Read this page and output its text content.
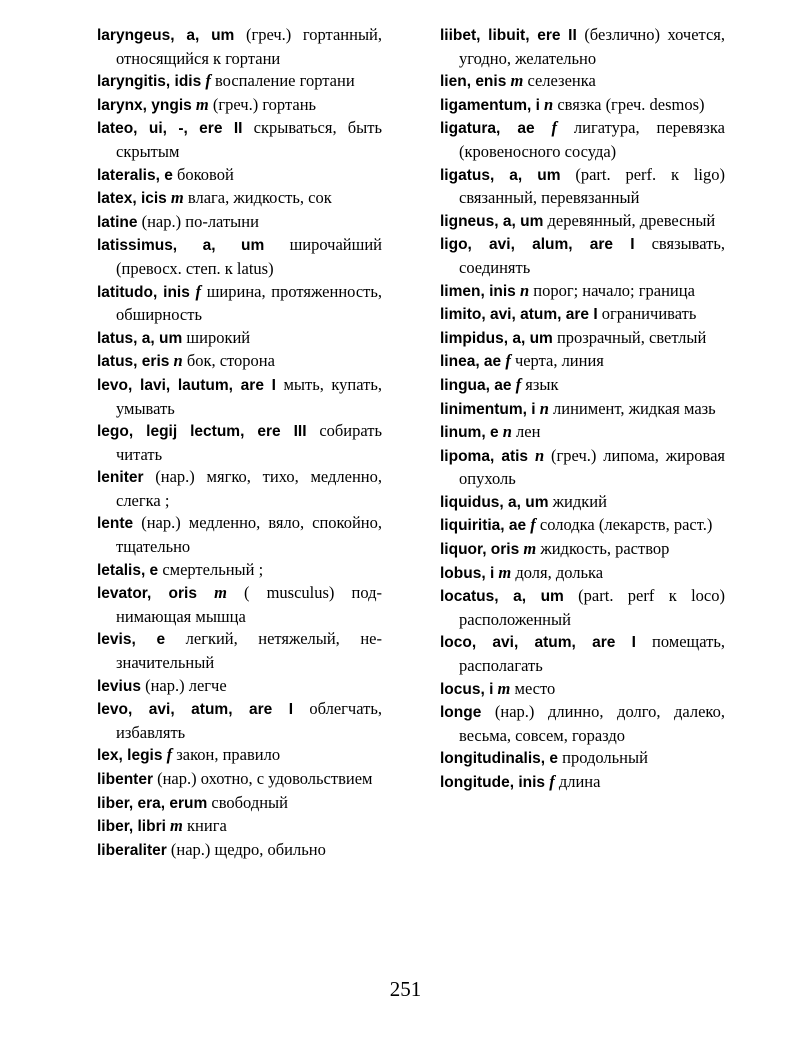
laryngeus, a, um (греч.) гортанный, относящийся к гортани
laryngitis, idis f воспаление гортани
larynx, yngis m (греч.) гортань
lateo, ui, -, ere II скрываться, быть скрытым
lateralis, e боковой
latex, icis m влага, жидкость, сок
latine (нар.) по-латыни
latissimus, a, um широчайший (превосх. степ. к latus)
latitudo, inis f ширина, протяженность, обширность
latus, a, um широкий
latus, eris n бок, сторона
levo, lavi, lautum, are I мыть, купать, умывать
lego, legij lectum, ere III собирать читать
leniter (нар.) мягко, тихо, медленно, слегка ;
lente (нар.) медленно, вяло, спокойно, тщательно
letalis, e смертельный ;
levator, oris m ( musculus) поднимающая мышца
levis, e легкий, нетяжелый, незначительный
levius (нар.) легче
levo, avi, atum, are I облегчать, избавлять
lex, legis f закон, правило
libenter (нар.) охотно, с удовольствием
liber, era, erum свободный
liber, libri m книга
liberaliter (нар.) щедро, обильно
liibet, libuit, ere II (безлично) хочется, угодно, желательно
lien, enis m селезенка
ligamentum, i n связка (греч. desmos)
ligatura, ae f лигатура, перевязка (кровеносного сосуда)
ligatus, a, um (part. perf. к ligo) связанный, перевязанный
ligneus, a, um деревянный, древесный
ligo, avi, alum, are I связывать, соединять
limen, inis n порог; начало; граница
limito, avi, atum, are I ограничивать
limpidus, a, um прозрачный, светлый
linea, ae f черта, линия
lingua, ae f язык
linimentum, i n линимент, жидкая мазь
linum, e n лен
lipoma, atis n (греч.) липома, жировая опухоль
liquidus, a, um жидкий
liquiritia, ae f солодка (лекарств, раст.)
liquor, oris m жидкость, раствор
lobus, i m доля, долька
locatus, a, um (part. perf к loco) расположенный
loco, avi, atum, are I помещать, располагать
locus, i m место
longe (нар.) длинно, долго, далеко, весьма, совсем, гораздо
longitudinalis, e продольный
longitude, inis f длина
251
